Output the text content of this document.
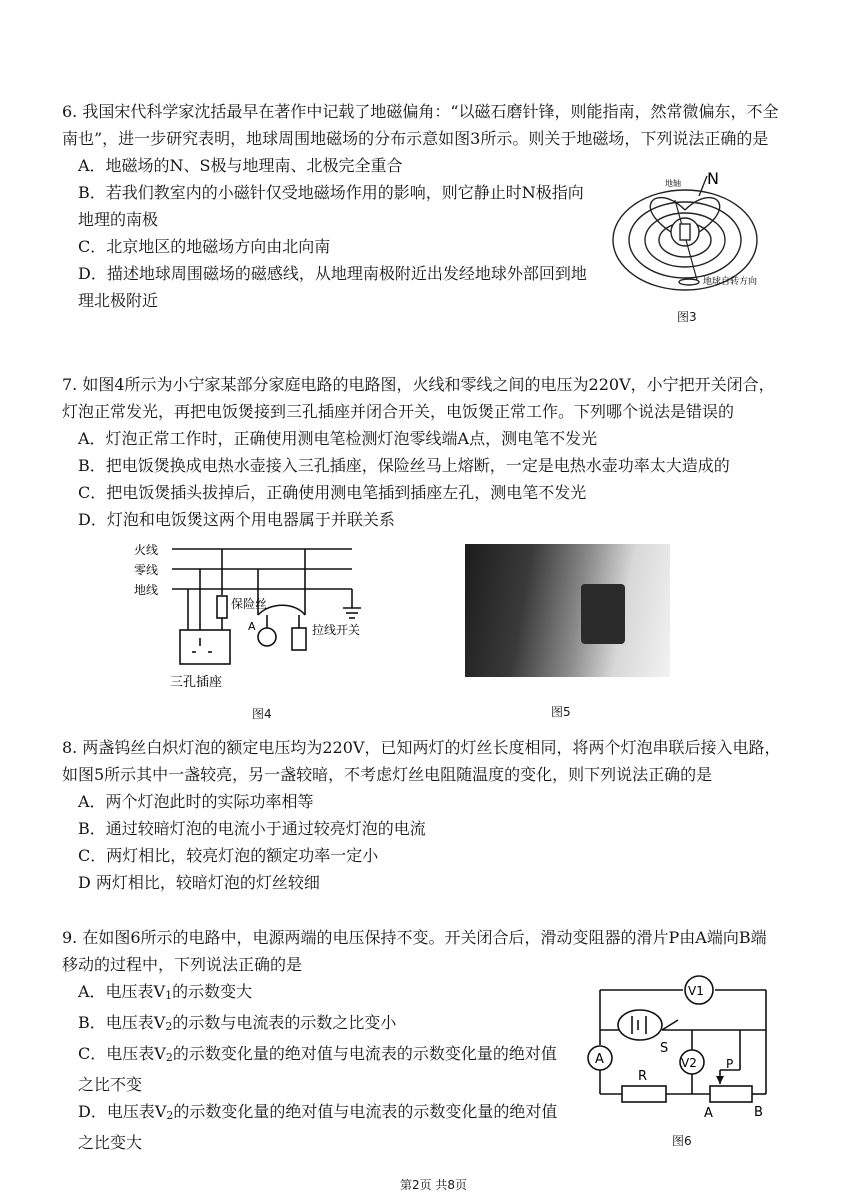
6. 我国宋代科学家沈括最早在著作中记载了地磁偏角：“以磁石磨针锋，则能指南，然常微偏东，不全南也”，进一步研究表明，地球周围地磁场的分布示意如图3所示。则关于地磁场，下列说法正确的是

A．地磁场的N、S极与地理南、北极完全重合

B．若我们教室内的小磁针仅受地磁场作用的影响，则它静止时N极指向地理的南极

C．北京地区的地磁场方向由北向南

D．描述地球周围磁场的磁感线，从地理南极附近出发经地球外部回到地理北极附近

N
地轴
地球自转方向
图3

7. 如图4所示为小宁家某部分家庭电路的电路图，火线和零线之间的电压为220V，小宁把开关闭合，灯泡正常发光，再把电饭煲接到三孔插座并闭合开关，电饭煲正常工作。下列哪个说法是错误的

A．灯泡正常工作时，正确使用测电笔检测灯泡零线端A点，测电笔不发光

B．把电饭煲换成电热水壶接入三孔插座，保险丝马上熔断，一定是电热水壶功率太大造成的

C．把电饭煲插头拔掉后，正确使用测电笔插到插座左孔，测电笔不发光

D．灯泡和电饭煲这两个用电器属于并联关系

火线
零线
地线
保险丝
A	拉线开关
三孔插座
图4	图5

8. 两盏钨丝白炽灯泡的额定电压均为220V，已知两灯的灯丝长度相同，将两个灯泡串联后接入电路，如图5所示其中一盏较亮，另一盏较暗，不考虑灯丝电阻随温度的变化，则下列说法正确的是

A．两个灯泡此时的实际功率相等

B．通过较暗灯泡的电流小于通过较亮灯泡的电流

C．两灯相比，较亮灯泡的额定功率一定小

D 两灯相比，较暗灯泡的灯丝较细

9. 在如图6所示的电路中，电源两端的电压保持不变。开关闭合后，滑动变阻器的滑片P由A端向B端移动的过程中，下列说法正确的是

A．电压表V1的示数变大

B．电压表V2的示数与电流表的示数之比变小

C．电压表V2的示数变化量的绝对值与电流表的示数变化量的绝对值之比不变

D．电压表V2的示数变化量的绝对值与电流表的示数变化量的绝对值之比变大

V1
S
A	V2
R
P
A	B
图6
第2页 共8页
